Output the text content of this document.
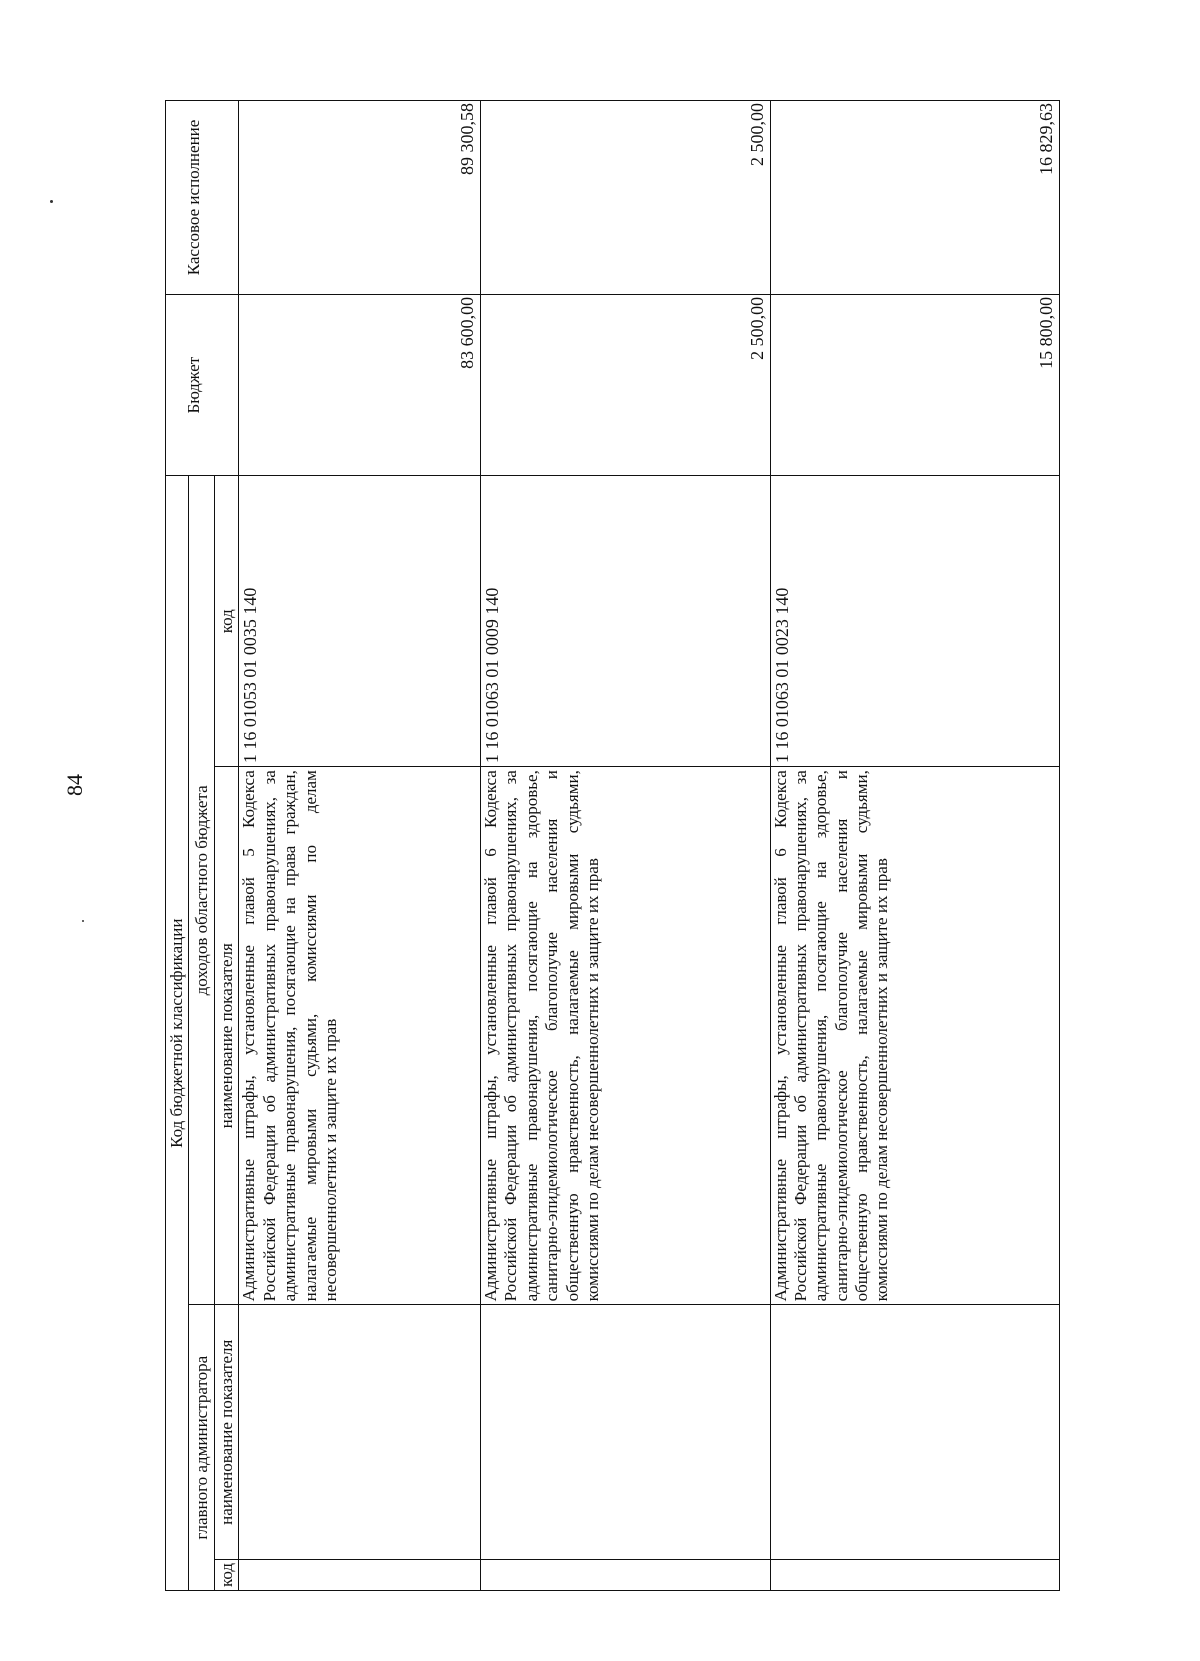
84
Код бюджетной классификации				Бюджет	Кассовое исполнение
главного администратора		доходов областного бюджета			
код	наименование показателя	наименование показателя	код		
		Административные штрафы, установленные главой 5 Кодекса Российской Федерации об административных правонарушениях, за административные правонарушения, посягающие на права граждан, налагаемые мировыми судьями, комиссиями по делам несовершеннолетних и защите их прав	1 16 01053 01 0035 140	83 600,00	89 300,58
		Административные штрафы, установленные главой 6 Кодекса Российской Федерации об административных правонарушениях, за административные правонарушения, посягающие на здоровье, санитарно-эпидемиологическое благополучие населения и общественную нравственность, налагаемые мировыми судьями, комиссиями по делам несовершеннолетних и защите их прав	1 16 01063 01 0009 140	2 500,00	2 500,00
		Административные штрафы, установленные главой 6 Кодекса Российской Федерации об административных правонарушениях, за административные правонарушения, посягающие на здоровье, санитарно-эпидемиологическое благополучие населения и общественную нравственность, налагаемые мировыми судьями, комиссиями по делам несовершеннолетних и защите их прав	1 16 01063 01 0023 140	15 800,00	16 829,63
